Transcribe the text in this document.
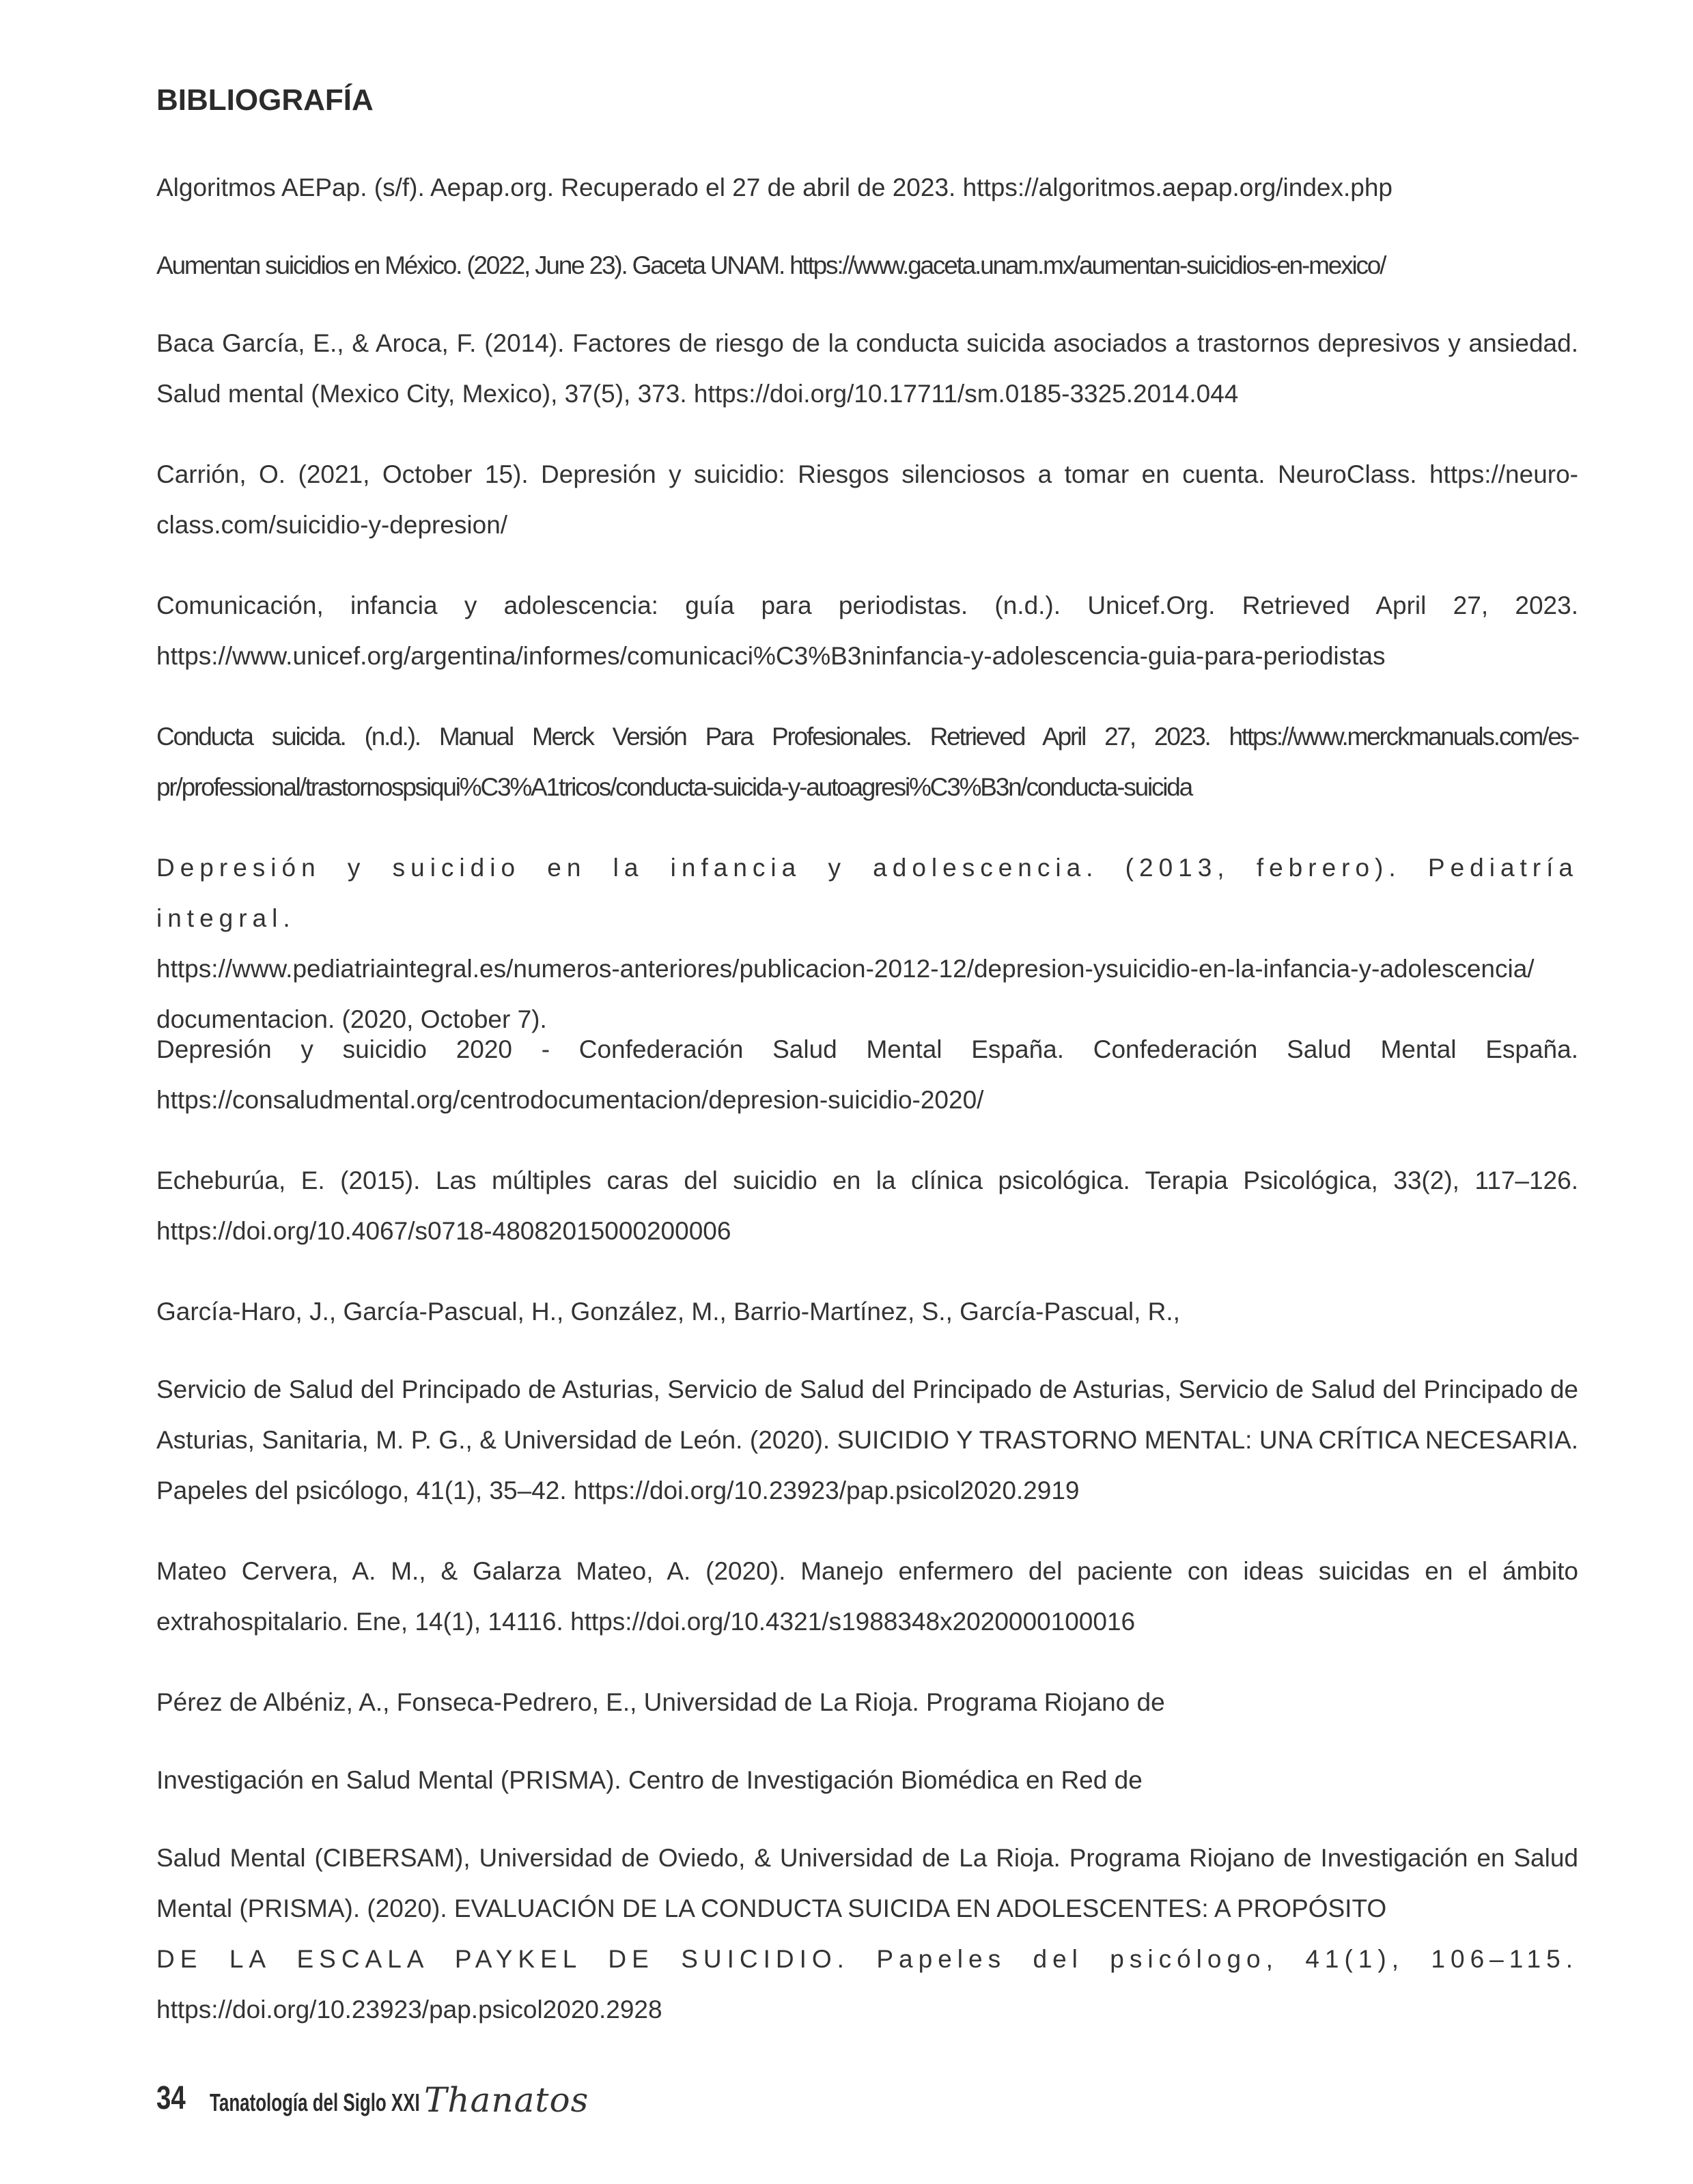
BIBLIOGRAFÍA

Algoritmos AEPap. (s/f). Aepap.org. Recuperado el 27 de abril de 2023. https://algoritmos.aepap.org/index.php

Aumentan suicidios en México. (2022, June 23). Gaceta UNAM. https://www.gaceta.unam.mx/aumentan-suicidios-en-mexico/

Baca García, E., & Aroca, F. (2014). Factores de riesgo de la conducta suicida asociados a trastornos depresivos y ansiedad. Salud mental (Mexico City, Mexico), 37(5), 373. https://doi.org/10.17711/sm.0185-3325.2014.044

Carrión, O. (2021, October 15). Depresión y suicidio: Riesgos silenciosos a tomar en cuenta. NeuroClass. https://neuro-class.com/suicidio-y-depresion/

Comunicación, infancia y adolescencia: guía para periodistas. (n.d.). Unicef.Org. Retrieved April 27, 2023. https://www.unicef.org/argentina/informes/comunicaci%C3%B3ninfancia-y-adolescencia-guia-para-periodistas

Conducta suicida. (n.d.). Manual Merck Versión Para Profesionales. Retrieved April 27, 2023. https://www.merckmanuals.com/es-pr/professional/trastornospsiqui%C3%A1tricos/conducta-suicida-y-autoagresi%C3%B3n/conducta-suicida

Depresión y suicidio en la infancia y adolescencia. (2013, febrero). Pediatría integral.
https://www.pediatriaintegral.es/numeros-anteriores/publicacion-2012-12/depresion-ysuicidio-en-la-infancia-y-adolescencia/ documentacion. (2020, October 7).

Depresión y suicidio 2020 - Confederación Salud Mental España. Confederación Salud Mental España. https://consaludmental.org/centrodocumentacion/depresion-suicidio-2020/

Echeburúa, E. (2015). Las múltiples caras del suicidio en la clínica psicológica. Terapia Psicológica, 33(2), 117–126. https://doi.org/10.4067/s0718-48082015000200006

García-Haro, J., García-Pascual, H., González, M., Barrio-Martínez, S., García-Pascual, R.,

Servicio de Salud del Principado de Asturias, Servicio de Salud del Principado de Asturias, Servicio de Salud del Principado de Asturias, Sanitaria, M. P. G., & Universidad de León. (2020). SUICIDIO Y TRASTORNO MENTAL: UNA CRÍTICA NECESARIA. Papeles del psicólogo, 41(1), 35–42. https://doi.org/10.23923/pap.psicol2020.2919

Mateo Cervera, A. M., & Galarza Mateo, A. (2020). Manejo enfermero del paciente con ideas suicidas en el ámbito extrahospitalario. Ene, 14(1), 14116. https://doi.org/10.4321/s1988348x2020000100016

Pérez de Albéniz, A., Fonseca-Pedrero, E., Universidad de La Rioja. Programa Riojano de

Investigación en Salud Mental (PRISMA). Centro de Investigación Biomédica en Red de

Salud Mental (CIBERSAM), Universidad de Oviedo, & Universidad de La Rioja. Programa Riojano de Investigación en Salud Mental (PRISMA). (2020). EVALUACIÓN DE LA CONDUCTA SUICIDA EN ADOLESCENTES: A PROPÓSITO
DE LA ESCALA PAYKEL DE SUICIDIO. Papeles del psicólogo, 41(1), 106–115.
https://doi.org/10.23923/pap.psicol2020.2928

34 Tanatología del Siglo XXI Thanatos
